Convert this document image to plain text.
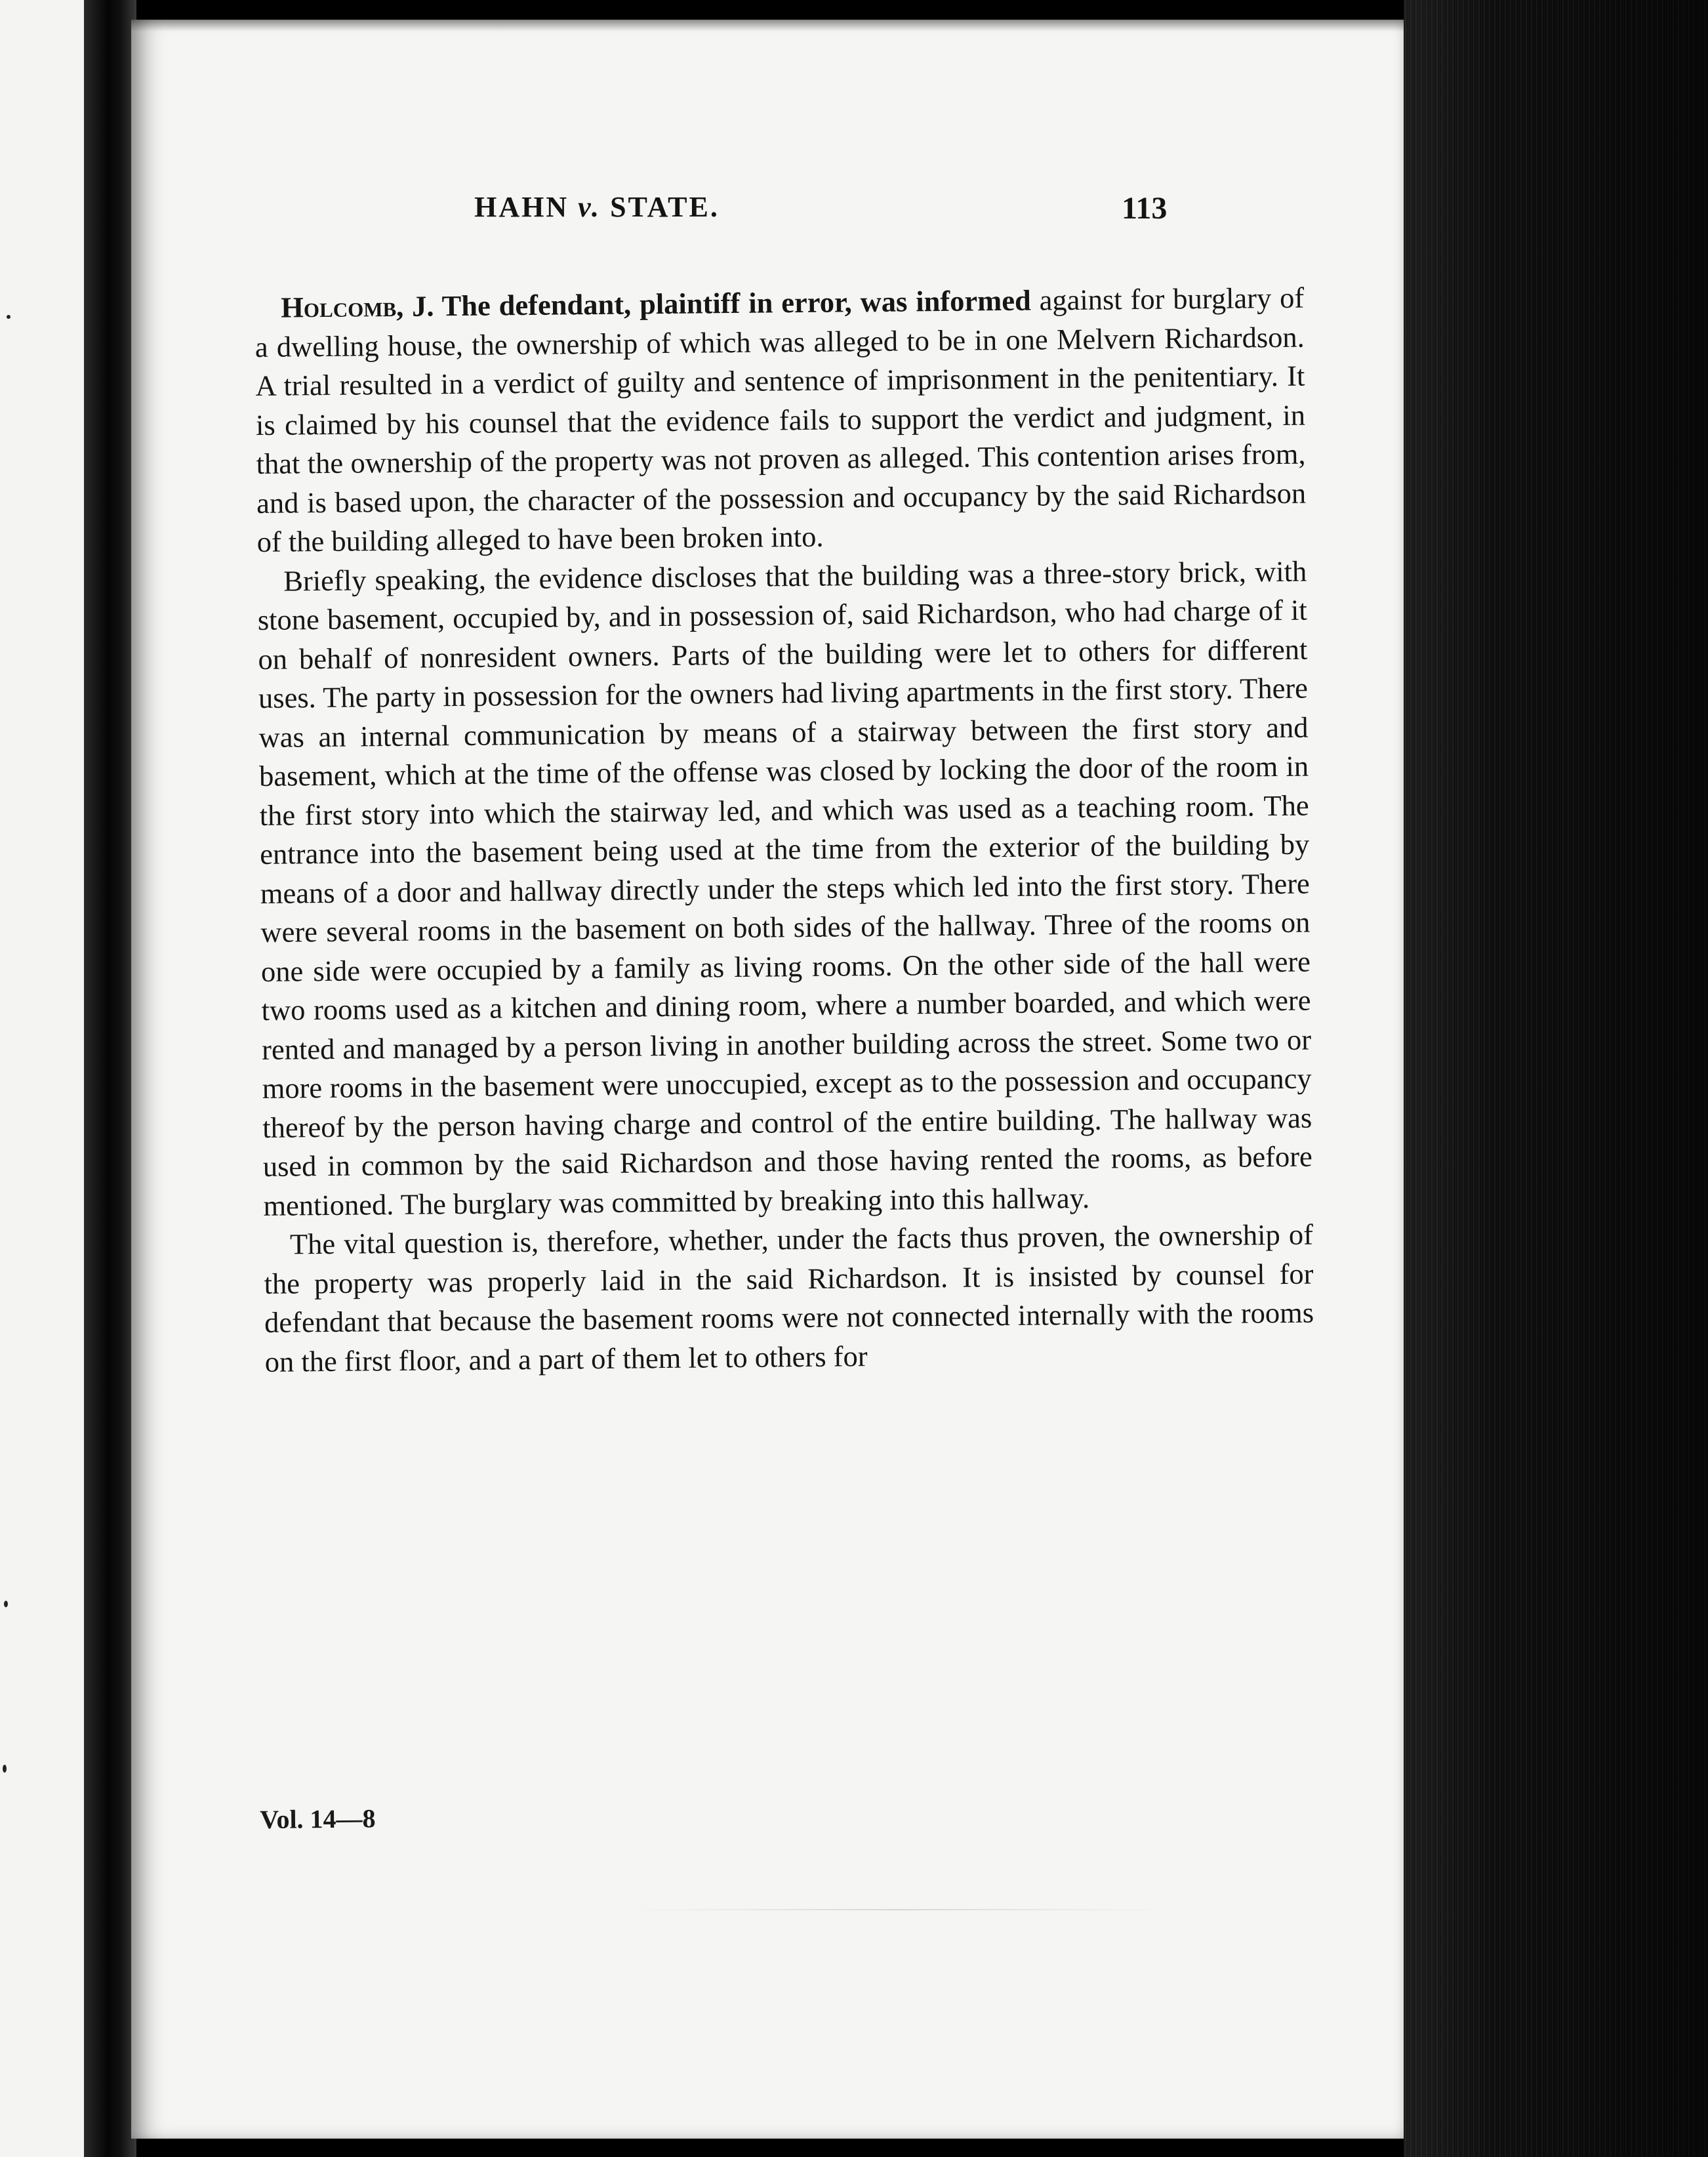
HAHN v. STATE.	113

Holcomb, J. The defendant, plaintiff in error, was informed against for burglary of a dwelling house, the ownership of which was alleged to be in one Melvern Richardson. A trial resulted in a verdict of guilty and sentence of imprisonment in the penitentiary. It is claimed by his counsel that the evidence fails to support the verdict and judgment, in that the ownership of the property was not proven as alleged. This contention arises from, and is based upon, the character of the possession and occupancy by the said Richardson of the building alleged to have been broken into.

Briefly speaking, the evidence discloses that the building was a three-story brick, with stone basement, occupied by, and in possession of, said Richardson, who had charge of it on behalf of nonresident owners. Parts of the building were let to others for different uses. The party in possession for the owners had living apartments in the first story. There was an internal communication by means of a stairway between the first story and basement, which at the time of the offense was closed by locking the door of the room in the first story into which the stairway led, and which was used as a teaching room. The entrance into the basement being used at the time from the exterior of the building by means of a door and hallway directly under the steps which led into the first story. There were several rooms in the basement on both sides of the hallway. Three of the rooms on one side were occupied by a family as living rooms. On the other side of the hall were two rooms used as a kitchen and dining room, where a number boarded, and which were rented and managed by a person living in another building across the street. Some two or more rooms in the basement were unoccupied, except as to the possession and occupancy thereof by the person having charge and control of the entire building. The hallway was used in common by the said Richardson and those having rented the rooms, as before mentioned. The burglary was committed by breaking into this hallway.

The vital question is, therefore, whether, under the facts thus proven, the ownership of the property was properly laid in the said Richardson. It is insisted by counsel for defendant that because the basement rooms were not connected internally with the rooms on the first floor, and a part of them let to others for

Vol. 14—8
